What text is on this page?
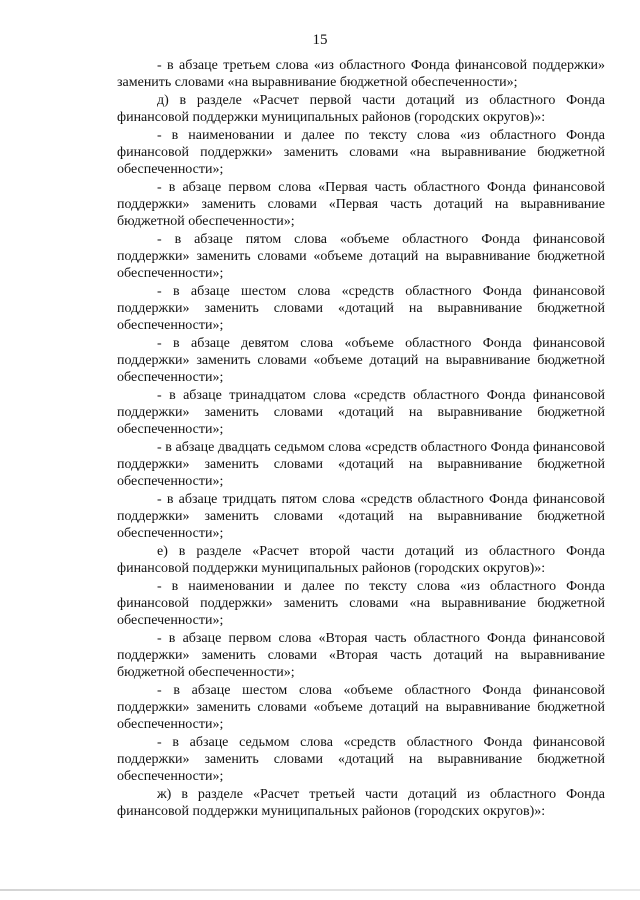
15

- в абзаце третьем слова «из областного Фонда финансовой поддержки» заменить словами «на выравнивание бюджетной обеспеченности»;

д) в разделе «Расчет первой части дотаций из областного Фонда финансовой поддержки муниципальных районов (городских округов)»:

- в наименовании и далее по тексту слова «из областного Фонда финансовой поддержки» заменить словами «на выравнивание бюджетной обеспеченности»;

- в абзаце первом слова «Первая часть областного Фонда финансовой поддержки» заменить словами «Первая часть дотаций на выравнивание бюджетной обеспеченности»;

- в абзаце пятом слова «объеме областного Фонда финансовой поддержки» заменить словами «объеме дотаций на выравнивание бюджетной обеспеченности»;

- в абзаце шестом слова «средств областного Фонда финансовой поддержки» заменить словами «дотаций на выравнивание бюджетной обеспеченности»;

- в абзаце девятом слова «объеме областного Фонда финансовой поддержки» заменить словами «объеме дотаций на выравнивание бюджетной обеспеченности»;

- в абзаце тринадцатом слова «средств областного Фонда финансовой поддержки» заменить словами «дотаций на выравнивание бюджетной обеспеченности»;

- в абзаце двадцать седьмом слова «средств областного Фонда финансовой поддержки» заменить словами «дотаций на выравнивание бюджетной обеспеченности»;

- в абзаце тридцать пятом слова «средств областного Фонда финансовой поддержки» заменить словами «дотаций на выравнивание бюджетной обеспеченности»;

е) в разделе «Расчет второй части дотаций из областного Фонда финансовой поддержки муниципальных районов (городских округов)»:

- в наименовании и далее по тексту слова «из областного Фонда финансовой поддержки» заменить словами «на выравнивание бюджетной обеспеченности»;

- в абзаце первом слова «Вторая часть областного Фонда финансовой поддержки» заменить словами «Вторая часть дотаций на выравнивание бюджетной обеспеченности»;

- в абзаце шестом слова «объеме областного Фонда финансовой поддержки» заменить словами «объеме дотаций на выравнивание бюджетной обеспеченности»;

- в абзаце седьмом слова «средств областного Фонда финансовой поддержки» заменить словами «дотаций на выравнивание бюджетной обеспеченности»;

ж) в разделе «Расчет третьей части дотаций из областного Фонда финансовой поддержки муниципальных районов (городских округов)»:
